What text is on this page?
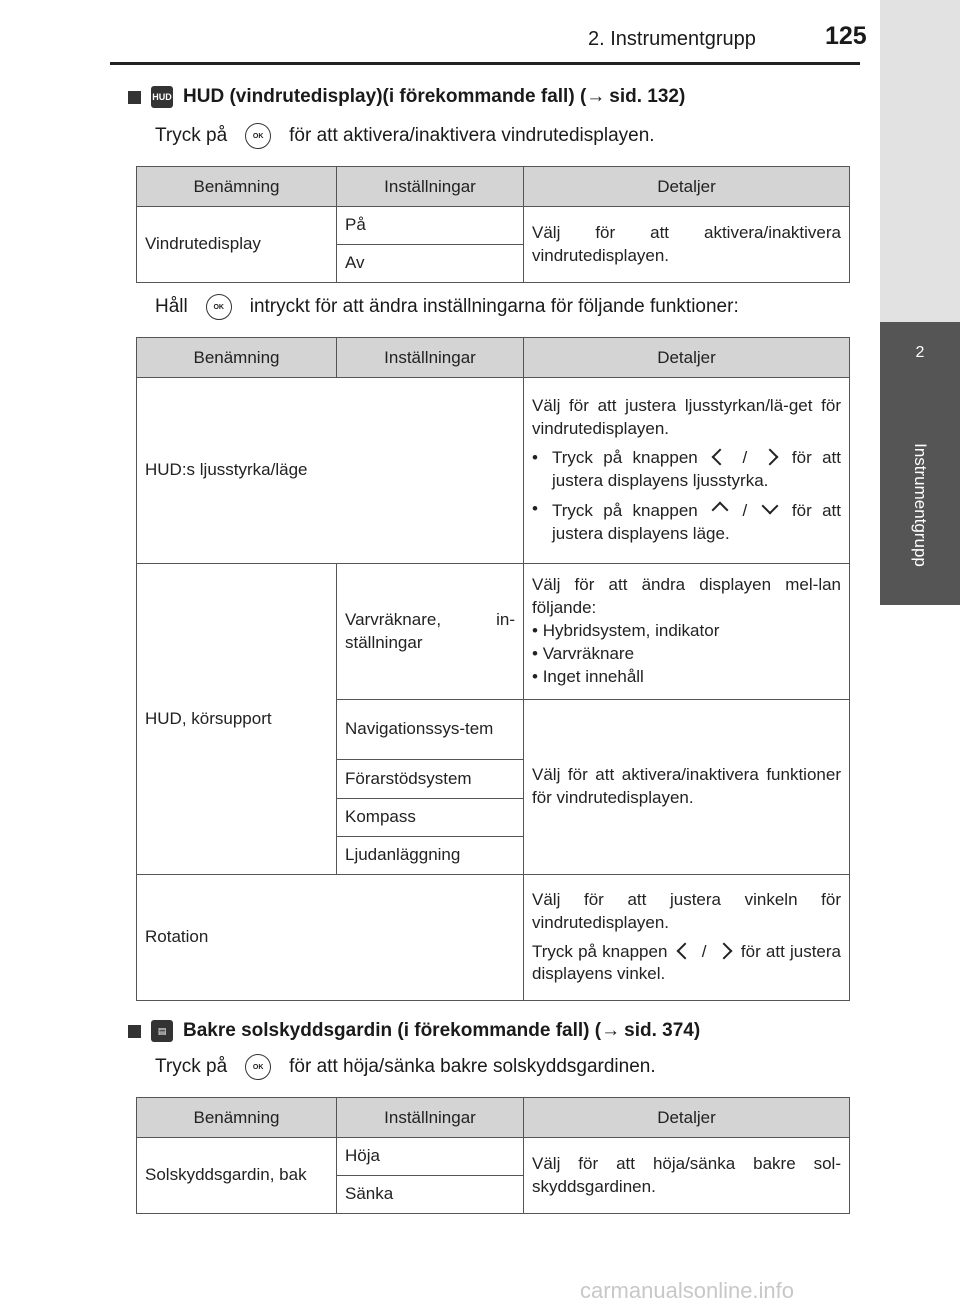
2. Instrumentgrupp	125
2
Instrumentgrupp
HUD HUD (vindrutedisplay)(i förekommande fall) ( → sid. 132)
Tryck på	OK	för att aktivera/inaktivera vindrutedisplayen.
Benämning	Inställningar	Detaljer
Vindrutedisplay	På	Välj för att aktivera/inaktivera vindrutedisplayen.
	Av	
Håll	OK	intryckt för att ändra inställningarna för följande funktioner:
Benämning	Inställningar	Detaljer
HUD:s ljusstyrka/läge		Välj för att justera ljusstyrkan/lä-get för vindrutedisplayen.
• Tryck på knappen / för att justera displayens ljusstyrka.
• Tryck på knappen / för att justera displayens läge.

HUD, körsupport	Varvräknare, in-ställningar	Välj för att ändra displayen mel-lan följande:
• Hybridsystem, indikator
• Varvräknare
• Inget innehåll

	Navigationssys-tem	Välj för att aktivera/inaktivera funktioner för vindrutedisplayen.
	Förarstödsystem	
	Kompass	
	Ljudanläggning	
Rotation		Välj för att justera vinkeln för vindrutedisplayen.
Tryck på knappen / för att justera displayens vinkel.
▤ Bakre solskyddsgardin (i förekommande fall) ( → sid. 374)
Tryck på	OK	för att höja/sänka bakre solskyddsgardinen.
Benämning	Inställningar	Detaljer
Solskyddsgardin, bak	Höja	Välj för att höja/sänka bakre sol-skyddsgardinen.
	Sänka	
carmanualsonline.info
